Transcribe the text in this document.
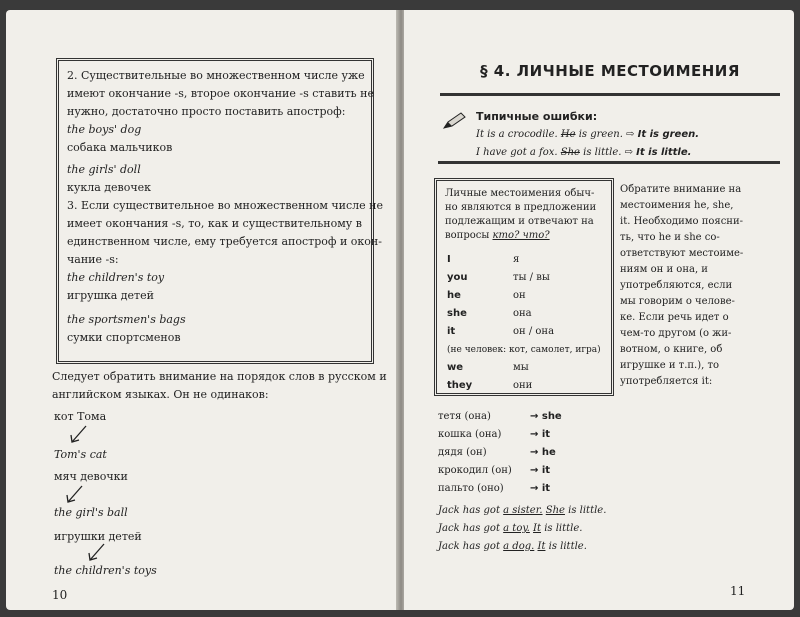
2. Существительные во множественном числе уже
имеют окончание -s, второе окончание -s ставить не
нужно, достаточно просто поставить апостроф:
the boys' dog
собака мальчиков
the girls' doll
кукла девочек
3. Если существительное во множественном числе не
имеет окончания -s, то, как и существительному в
единственном числе, ему требуется апостроф и окон-
чание -s:
the children's toy
игрушка детей
the sportsmen's bags
сумки спортсменов
Следует обратить внимание на порядок слов в русском и
английском языках. Он не одинаков:
кот Тома
Tom's cat
мяч девочки
the girl's ball
игрушки детей
the children's toys
10
§ 4. ЛИЧНЫЕ МЕСТОИМЕНИЯ
Типичные ошибки:
It is a crocodile. He is green. ⇨ It is green.
I have got a fox. She is little. ⇨ It is little.
Личные местоимения обыч-
но являются в предложении
подлежащим и отвечают на
вопросы кто? что?
I	я
you	ты / вы
he	он
she	она
it	он / она
(не человек: кот, самолет, игра)
we	мы
they	они
Обратите внимание на
местоимения he, she,
it. Необходимо поясни-
ть, что he и she со-
ответствуют местоиме-
ниям он и она, и
употребляются, если
мы говорим о челове-
ке. Если речь идет о
чем-то другом (о жи-
вотном, о книге, об
игрушке и т.п.), то
употребляется it:
тетя (она)	→ she
кошка (она)	→ it
дядя (он)	→ he
крокодил (он) → it
пальто (оно)	→ it
Jack has got a sister. She is little.
Jack has got a toy. It is little.
Jack has got a dog. It is little.
11
